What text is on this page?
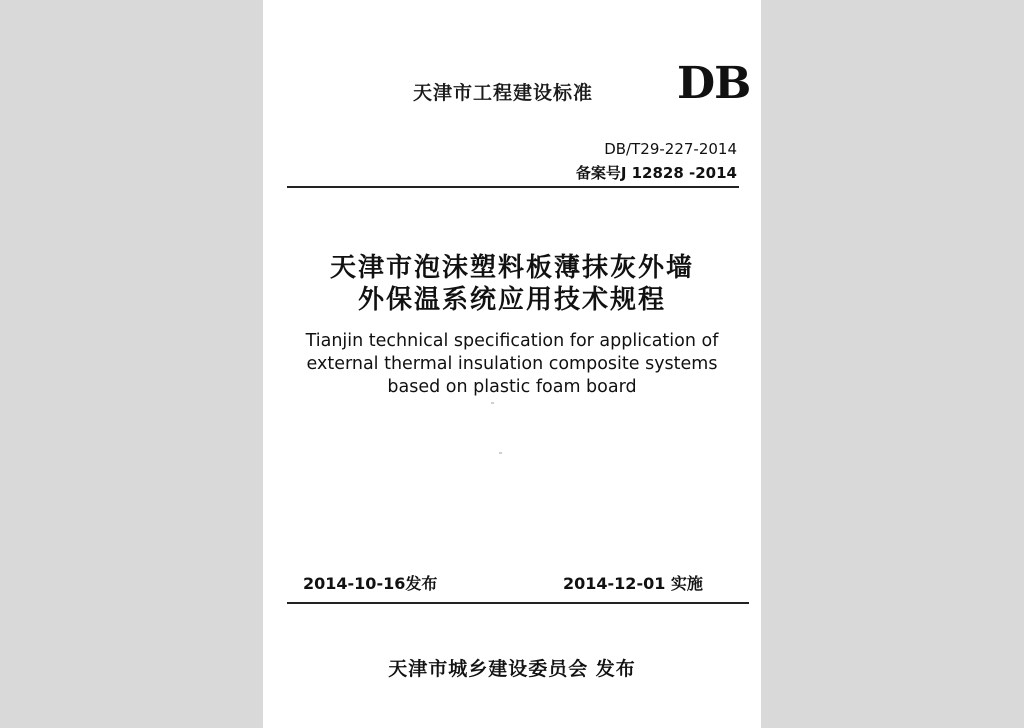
天津市工程建设标准 DB
DB/T29-227-2014
备案号J 12828 -2014
天津市泡沫塑料板薄抹灰外墙
外保温系统应用技术规程
Tianjin technical specification for application of
external thermal insulation composite systems
based on plastic foam board
2014-10-16发布	2014-12-01 实施
天津市城乡建设委员会 发布
